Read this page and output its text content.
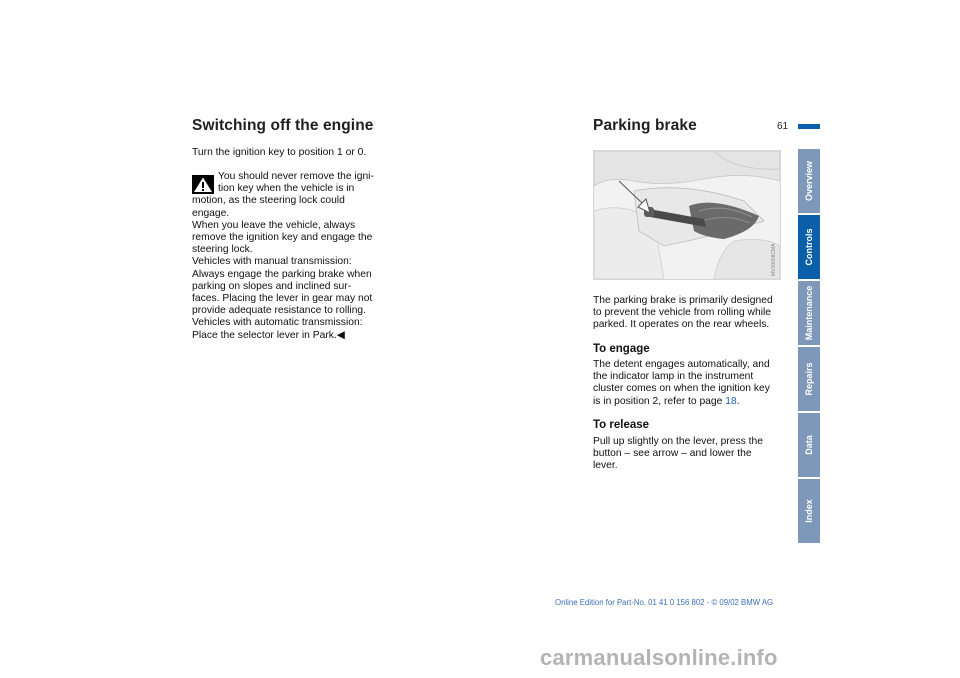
Switching off the engine
Turn the ignition key to position 1 or 0.
You should never remove the igni-
tion key when the vehicle is in
motion, as the steering lock could
engage.
When you leave the vehicle, always
remove the ignition key and engage the
steering lock.
Vehicles with manual transmission:
Always engage the parking brake when
parking on slopes and inclined sur-
faces. Placing the lever in gear may not
provide adequate resistance to rolling.
Vehicles with automatic transmission:
Place the selector lever in Park.◀
Parking brake	61
MV00008CMA
The parking brake is primarily designed
to prevent the vehicle from rolling while
parked. It operates on the rear wheels.
To engage
The detent engages automatically, and
the indicator lamp in the instrument
cluster comes on when the ignition key
is in position 2, refer to page 18.
To release
Pull up slightly on the lever, press the
button – see arrow – and lower the
lever.
Overview
Controls
Maintenance
Repairs
Data
Index
Online Edition for Part-No. 01 41 0 156 802 - © 09/02 BMW AG
carmanualsonline.info
